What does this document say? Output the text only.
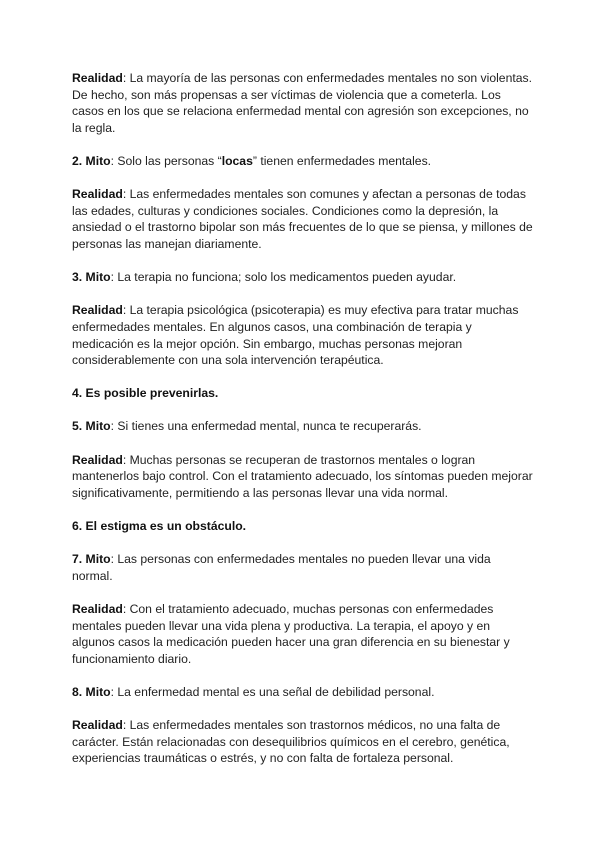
Realidad: La mayoría de las personas con enfermedades mentales no son violentas. De hecho, son más propensas a ser víctimas de violencia que a cometerla. Los casos en los que se relaciona enfermedad mental con agresión son excepciones, no la regla.

2. Mito: Solo las personas “locas” tienen enfermedades mentales.

Realidad: Las enfermedades mentales son comunes y afectan a personas de todas las edades, culturas y condiciones sociales. Condiciones como la depresión, la ansiedad o el trastorno bipolar son más frecuentes de lo que se piensa, y millones de personas las manejan diariamente.

3. Mito: La terapia no funciona; solo los medicamentos pueden ayudar.

Realidad: La terapia psicológica (psicoterapia) es muy efectiva para tratar muchas enfermedades mentales. En algunos casos, una combinación de terapia y medicación es la mejor opción. Sin embargo, muchas personas mejoran considerablemente con una sola intervención terapéutica.

4. Es posible prevenirlas.

5. Mito: Si tienes una enfermedad mental, nunca te recuperarás.

Realidad: Muchas personas se recuperan de trastornos mentales o logran mantenerlos bajo control. Con el tratamiento adecuado, los síntomas pueden mejorar significativamente, permitiendo a las personas llevar una vida normal.

6. El estigma es un obstáculo.

7. Mito: Las personas con enfermedades mentales no pueden llevar una vida normal.

Realidad: Con el tratamiento adecuado, muchas personas con enfermedades mentales pueden llevar una vida plena y productiva. La terapia, el apoyo y en algunos casos la medicación pueden hacer una gran diferencia en su bienestar y funcionamiento diario.

8. Mito: La enfermedad mental es una señal de debilidad personal.

Realidad: Las enfermedades mentales son trastornos médicos, no una falta de carácter. Están relacionadas con desequilibrios químicos en el cerebro, genética, experiencias traumáticas o estrés, y no con falta de fortaleza personal.
